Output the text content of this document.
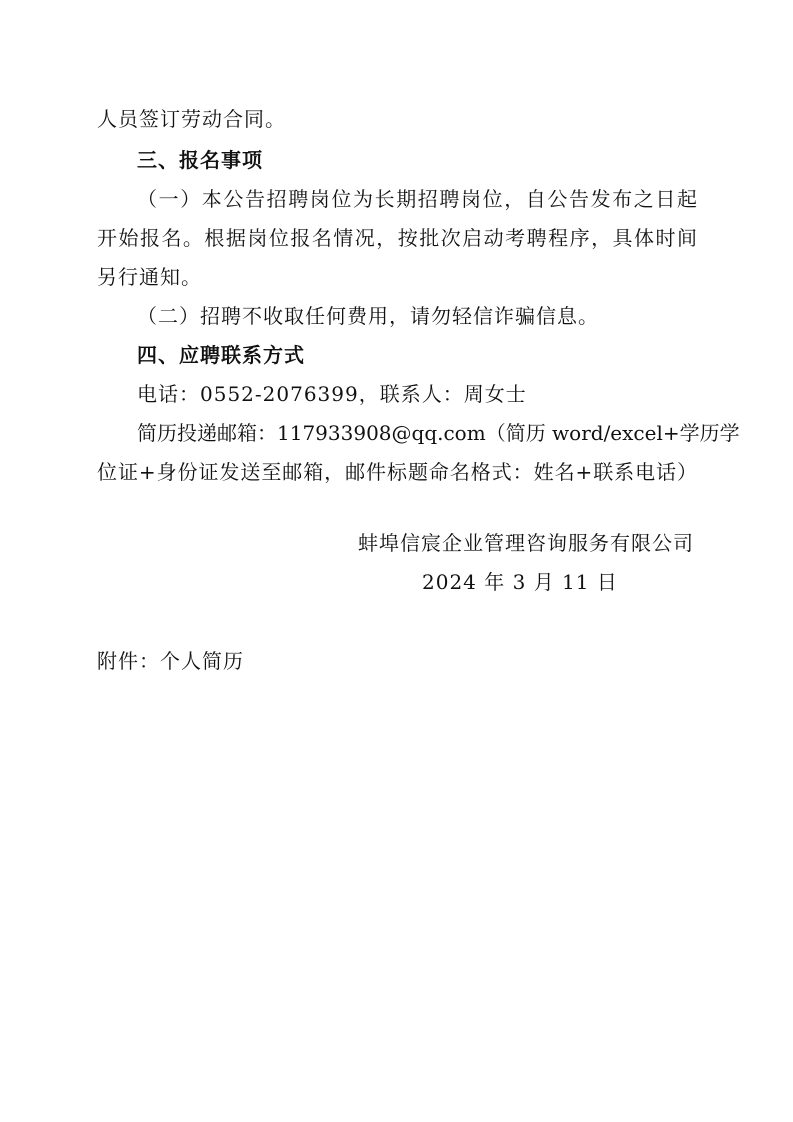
人员签订劳动合同。
三、报名事项
（一）本公告招聘岗位为长期招聘岗位，自公告发布之日起
开始报名。根据岗位报名情况，按批次启动考聘程序，具体时间
另行通知。
（二）招聘不收取任何费用，请勿轻信诈骗信息。
四、应聘联系方式
电话：0552-2076399，联系人：周女士
简历投递邮箱：117933908@qq.com（简历 word/excel+学历学
位证+身份证发送至邮箱，邮件标题命名格式：姓名+联系电话）
蚌埠信宸企业管理咨询服务有限公司
2024 年 3 月 11 日
附件：个人简历
